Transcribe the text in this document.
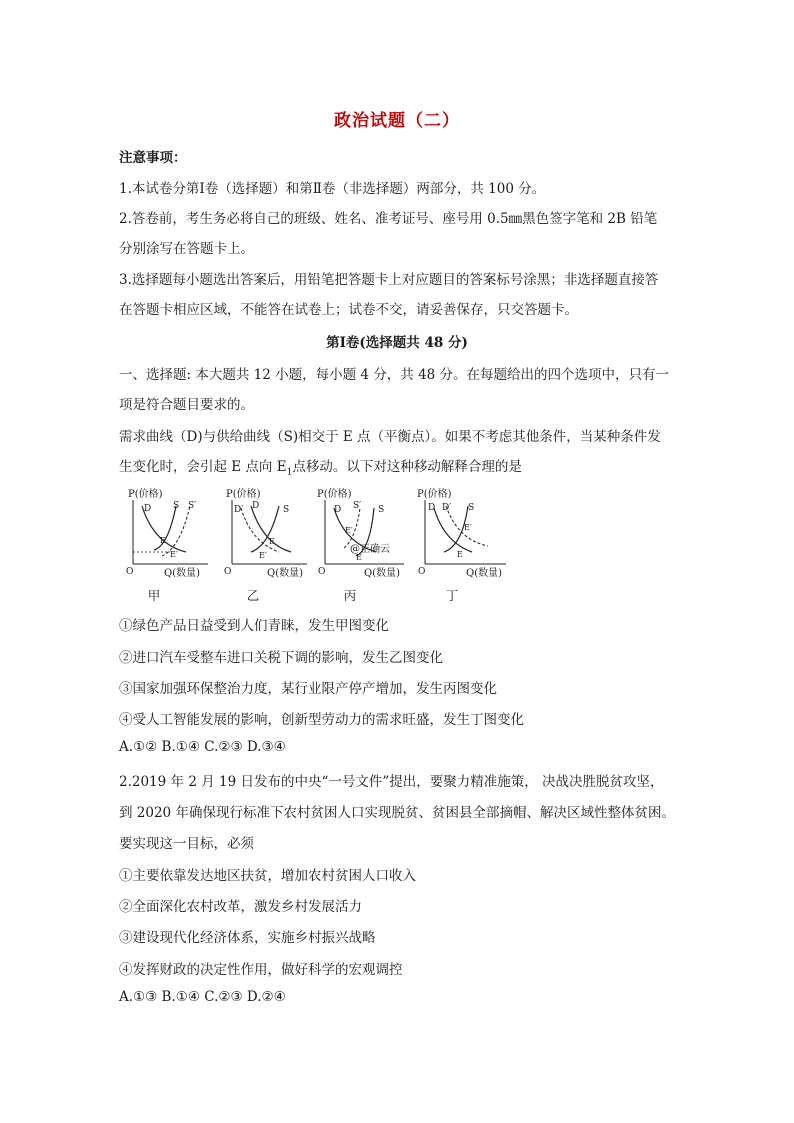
政治试题（二）
注意事项：
1.本试卷分第Ⅰ卷（选择题）和第Ⅱ卷（非选择题）两部分，共 100 分。
2.答卷前，考生务必将自己的班级、姓名、准考证号、座号用 0.5㎜黑色签字笔和 2B 铅笔
分别涂写在答题卡上。
3.选择题每小题选出答案后，用铅笔把答题卡上对应题目的答案标号涂黑；非选择题直接答
在答题卡相应区域，不能答在试卷上；试卷不交，请妥善保存，只交答题卡。
第Ⅰ卷(选择题共 48 分)
一、选择题: 本大题共 12 小题，每小题 4 分，共 48 分。在每题给出的四个选项中，只有一
项是符合题目要求的。
需求曲线（D)与供给曲线（S)相交于 E 点（平衡点）。如果不考虑其他条件，当某种条件发
生变化时，会引起 E 点向 $E_1$点移动。以下对这种移动解释合理的是
P(价格)
D S S′
E
E′
O	Q(数量)
甲
P(价格)
D′ D	S
E
E′
O	Q(数量)
乙
P(价格)
D S′ S
E′
E
@正确云
O	Q(数量)
丙
P(价格)
D D′ S
E′
E
O	Q(数量)
丁
①绿色产品日益受到人们青睐，发生甲图变化
②进口汽车受整车进口关税下调的影响，发生乙图变化
③国家加强环保整治力度，某行业限产停产增加，发生丙图变化
④受人工智能发展的影响，创新型劳动力的需求旺盛，发生丁图变化
A.①② B.①④ C.②③ D.③④
2.2019 年 2 月 19 日发布的中央“一号文件”提出，要聚力精准施策， 决战决胜脱贫攻坚，
到 2020 年确保现行标准下农村贫困人口实现脱贫、贫困县全部摘帽、解决区域性整体贫困。
要实现这一目标，必须
①主要依靠发达地区扶贫，增加农村贫困人口收入
②全面深化农村改革，激发乡村发展活力
③建设现代化经济体系，实施乡村振兴战略
④发挥财政的决定性作用，做好科学的宏观调控
A.①③ B.①④ C.②③ D.②④
